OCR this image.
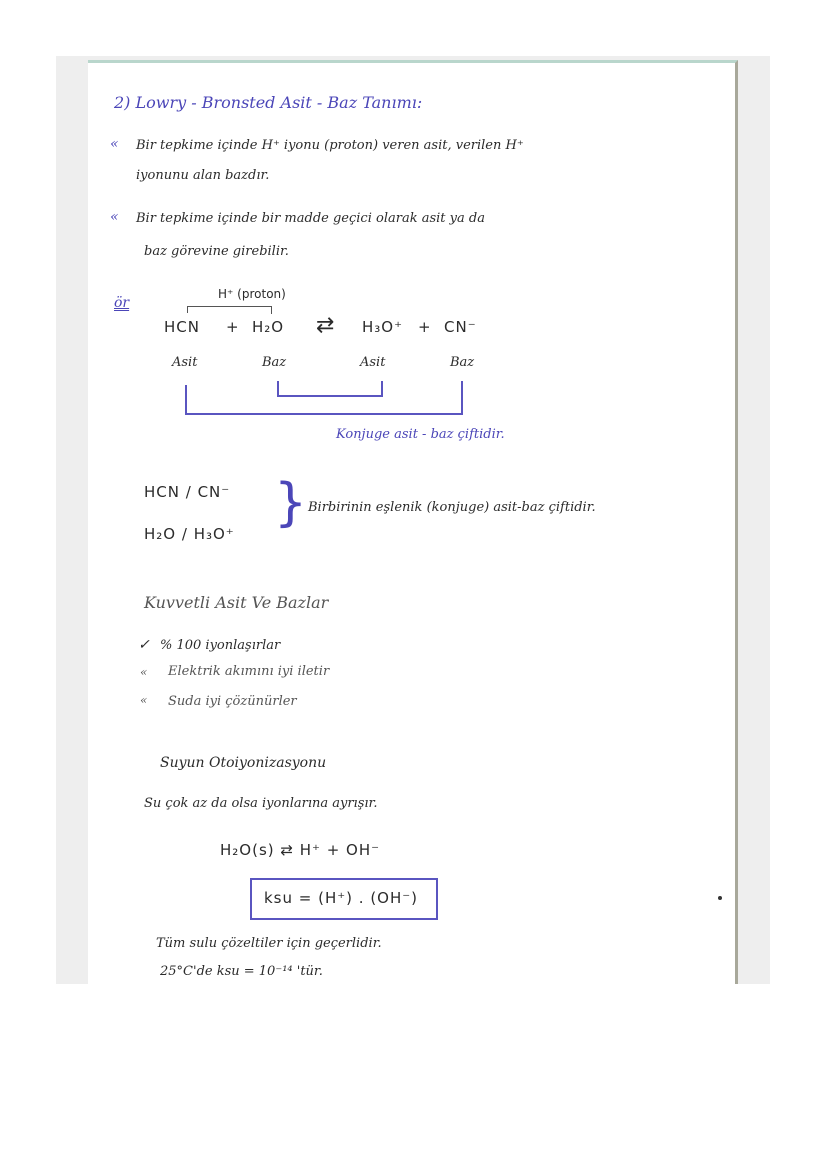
2) Lowry - Bronsted Asit - Baz Tanımı:
« Bir tepkime içinde H⁺ iyonu (proton) veren asit, verilen H⁺
iyonunu alan bazdır.
« Bir tepkime içinde bir madde geçici olarak asit ya da
baz görevine girebilir.
ör
H⁺ (proton)
HCN + H₂O ⇄ H₃O⁺ + CN⁻
Asit	Baz	Asit	Baz
Konjuge asit - baz çiftidir.
HCN / CN⁻
H₂O / H₃O⁺
} Birbirinin eşlenik (konjuge) asit-baz çiftidir.
Kuvvetli Asit Ve Bazlar
✓ % 100 iyonlaşırlar
« Elektrik akımını iyi iletir
« Suda iyi çözünürler
Suyun Otoiyonizasyonu
Su çok az da olsa iyonlarına ayrışır.
H₂O(s) ⇄ H⁺ + OH⁻
ksu = (H⁺) . (OH⁻)
Tüm sulu çözeltiler için geçerlidir.
25°C'de ksu = 10⁻¹⁴ 'tür.
